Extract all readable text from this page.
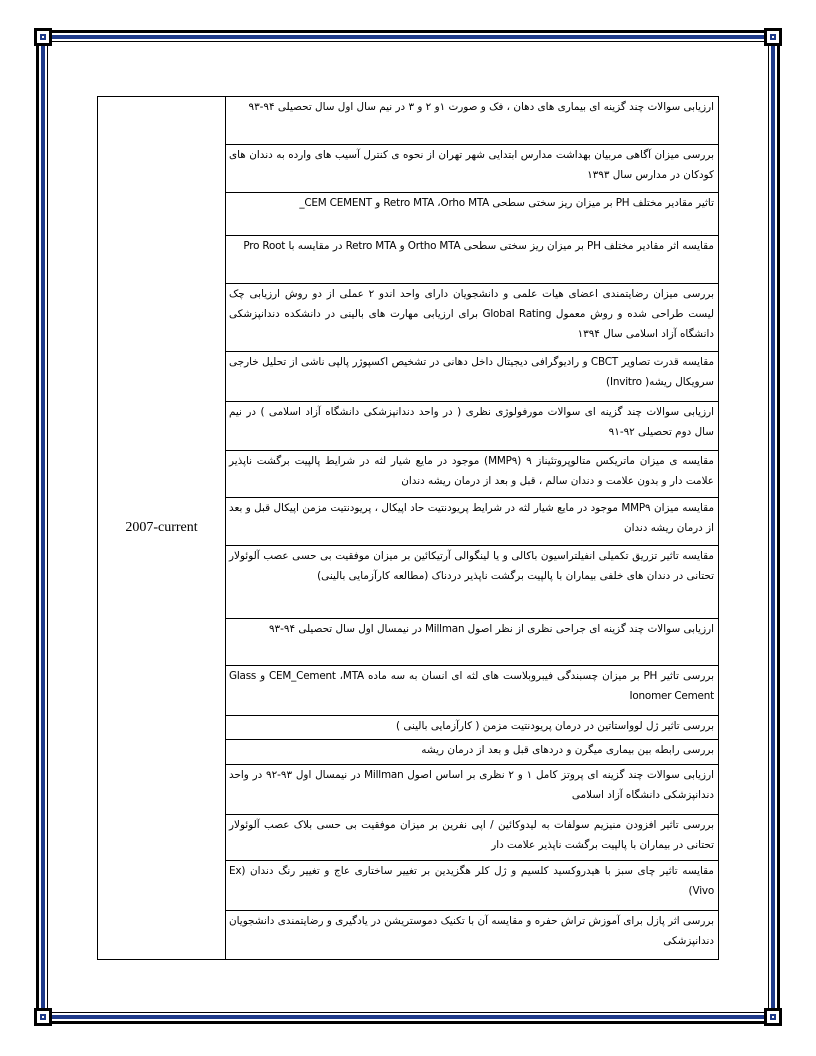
2007-current	ارزیابی سوالات چند گزینه ای بیماری های دهان ، فک و صورت ۱و ۲ و ۳ در نیم سال اول سال تحصیلی ۹۴-۹۳
بررسی میزان آگاهی مربیان بهداشت مدارس ابتدایی شهر تهران از نحوه ی کنترل آسیب های وارده به دندان های کودکان در مدارس سال ۱۳۹۳
تاثیر مقادیر مختلف PH بر میزان ریز سختی سطحی Retro MTA ،Orho MTA و CEM CEMENT_
مقایسه اثر مقادیر مختلف PH بر میزان ریز سختی سطحی Ortho MTA و Retro MTA در مقایسه با Pro Root
بررسی میزان رضایتمندی اعضای هیات علمی و دانشجویان دارای واحد اندو ۲ عملی از دو روش ارزیابی چک لیست طراحی شده و روش معمول Global Rating برای ارزیابی مهارت های بالینی در دانشکده دندانپزشکی دانشگاه آزاد اسلامی سال ۱۳۹۴
مقایسه قدرت تصاویر CBCT و رادیوگرافی دیجیتال داخل دهانی در تشخیص اکسپوژر پالپی ناشی از تحلیل خارجی سرویکال ریشه( Invitro)
ارزیابی سوالات چند گزینه ای سوالات مورفولوژی نظری ( در واحد دندانپزشکی دانشگاه آزاد اسلامی ) در نیم سال دوم تحصیلی ۹۲-۹۱
مقایسه ی میزان ماتریکس متالوپروتئیناز ۹ (MMP۹) موجود در مایع شیار لثه در شرایط پالپیت برگشت ناپذیر علامت دار و بدون علامت و دندان سالم ، قبل و بعد از درمان ریشه دندان
مقایسه میزان MMP۹ موجود در مایع شیار لثه در شرایط پریودنتیت حاد اپیکال ، پریودنتیت مزمن اپیکال قبل و بعد از درمان ریشه دندان
مقایسه تاثیر تزریق تکمیلی انفیلتراسیون باکالی و یا لینگوالی آرتیکائین بر میزان موفقیت بی حسی عصب آلوئولار تحتانی در دندان های خلفی بیماران با پالپیت برگشت ناپذیر دردناک (مطالعه کارآزمایی بالینی)
ارزیابی سوالات چند گزینه ای جراحی نظری از نظر اصول Millman در نیمسال اول سال تحصیلی ۹۴-۹۳
بررسی تاثیر PH بر میزان چسبندگی فیبروبلاست های لثه ای انسان به سه ماده CEM_Cement ،MTA و Glass Ionomer Cement
بررسی تاثیر ژل لوواستاتین در درمان پریودنتیت مزمن ( کارآزمایی بالینی )
بررسی رابطه بین بیماری میگرن و دردهای قبل و بعد از درمان ریشه
ارزیابی سوالات چند گزینه ای پروتز کامل ۱ و ۲ نظری بر اساس اصول Millman در نیمسال اول ۹۳-۹۲ در واحد دندانپزشکی دانشگاه آزاد اسلامی
بررسی تاثیر افزودن منیزیم سولفات به لیدوکائین / اپی نفرین بر میزان موفقیت بی حسی بلاک عصب آلوئولار تحتانی در بیماران با پالپیت برگشت ناپذیر علامت دار
مقایسه تاثیر چای سبز با هیدروکسید کلسیم و ژل کلر هگزیدین بر تغییر ساختاری عاج و تغییر رنگ دندان (Ex Vivo)
بررسی اثر پازل برای آموزش تراش حفره و مقایسه آن با تکنیک دموستریشن در یادگیری و رضایتمندی دانشجویان دندانپزشکی
